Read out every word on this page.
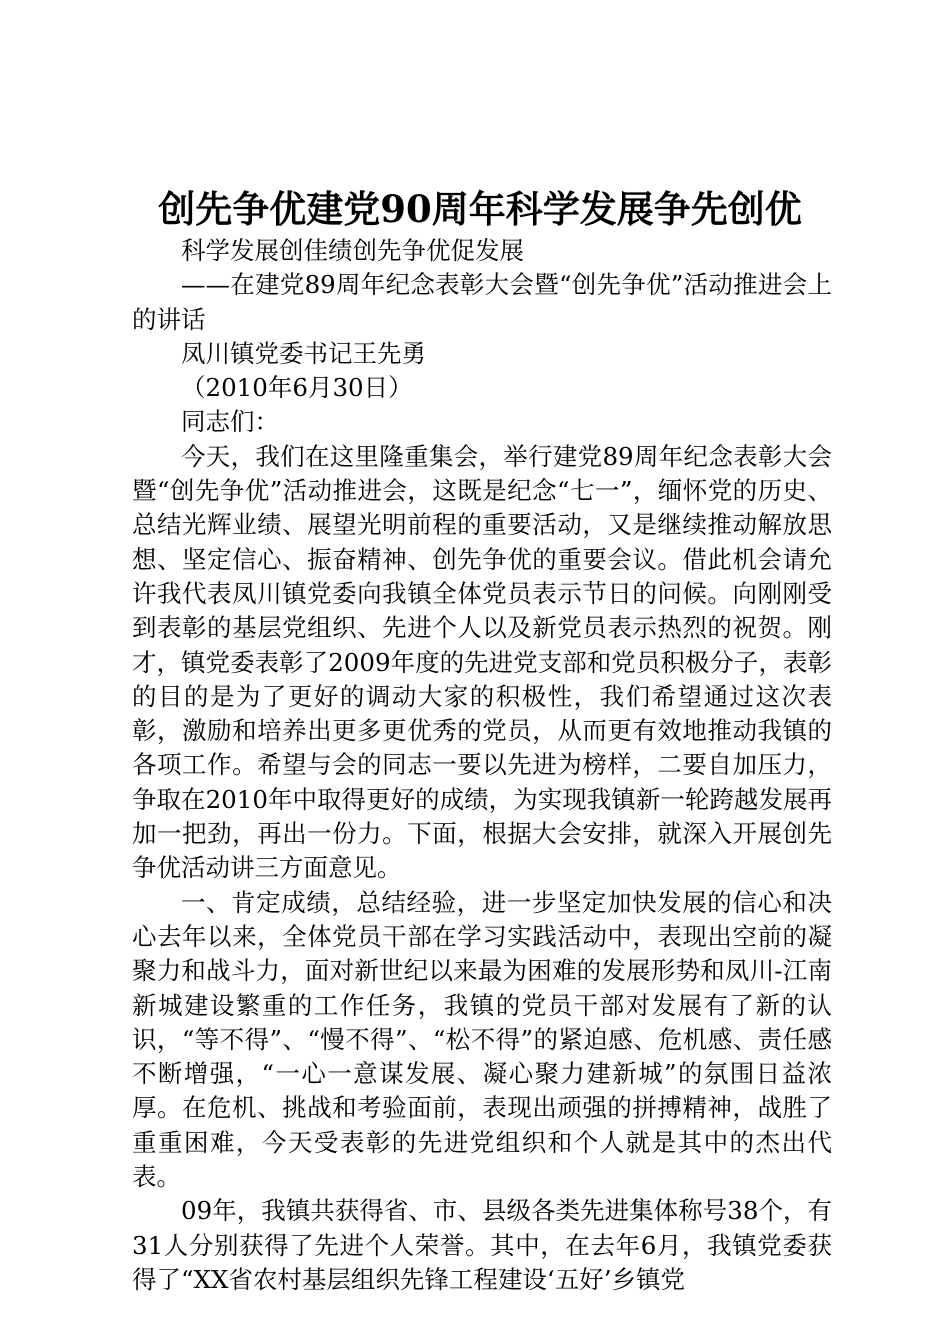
创先争优建党90周年科学发展争先创优

科学发展创佳绩创先争优促发展

——在建党89周年纪念表彰大会暨“创先争优”活动推进会上的讲话

凤川镇党委书记王先勇

（2010年6月30日）

同志们：

今天，我们在这里隆重集会，举行建党89周年纪念表彰大会暨“创先争优”活动推进会，这既是纪念“七一”，缅怀党的历史、总结光辉业绩、展望光明前程的重要活动，又是继续推动解放思想、坚定信心、振奋精神、创先争优的重要会议。借此机会请允许我代表凤川镇党委向我镇全体党员表示节日的问候。向刚刚受到表彰的基层党组织、先进个人以及新党员表示热烈的祝贺。刚才，镇党委表彰了2009年度的先进党支部和党员积极分子，表彰的目的是为了更好的调动大家的积极性，我们希望通过这次表彰，激励和培养出更多更优秀的党员，从而更有效地推动我镇的各项工作。希望与会的同志一要以先进为榜样，二要自加压力，争取在2010年中取得更好的成绩，为实现我镇新一轮跨越发展再加一把劲，再出一份力。下面，根据大会安排，就深入开展创先争优活动讲三方面意见。

一、肯定成绩，总结经验，进一步坚定加快发展的信心和决心去年以来，全体党员干部在学习实践活动中，表现出空前的凝聚力和战斗力，面对新世纪以来最为困难的发展形势和凤川-江南新城建设繁重的工作任务，我镇的党员干部对发展有了新的认识，“等不得”、“慢不得”、“松不得”的紧迫感、危机感、责任感不断增强，“一心一意谋发展、凝心聚力建新城”的氛围日益浓厚。在危机、挑战和考验面前，表现出顽强的拼搏精神，战胜了重重困难，今天受表彰的先进党组织和个人就是其中的杰出代表。

09年，我镇共获得省、市、县级各类先进集体称号38个，有31人分别获得了先进个人荣誉。其中，在去年6月，我镇党委获得了“XX省农村基层组织先锋工程建设‘五好’乡镇党
